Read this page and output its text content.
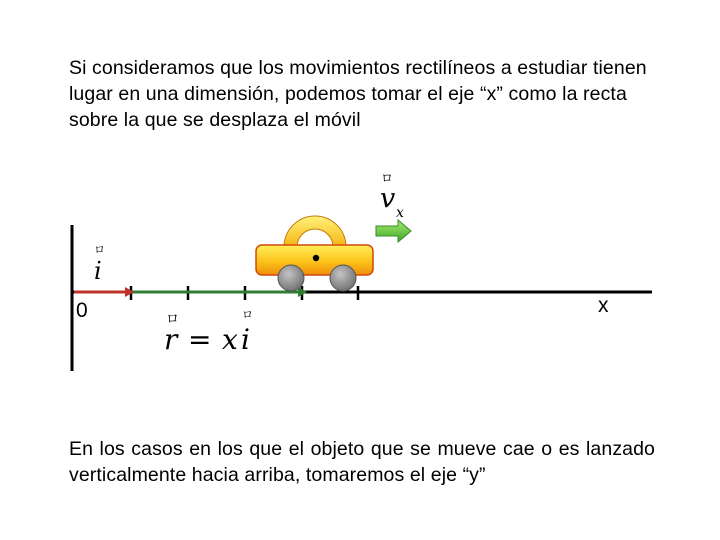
Si consideramos que los movimientos rectilíneos a estudiar tienen lugar en una dimensión, podemos tomar el eje “x” como la recta sobre la que se desplaza el móvil

0	x
ロ
i
ロ
v x
ロ	ロ
r = x i

En los casos en los que el objeto que se mueve cae o es lanzado verticalmente hacia arriba, tomaremos el eje “y”
